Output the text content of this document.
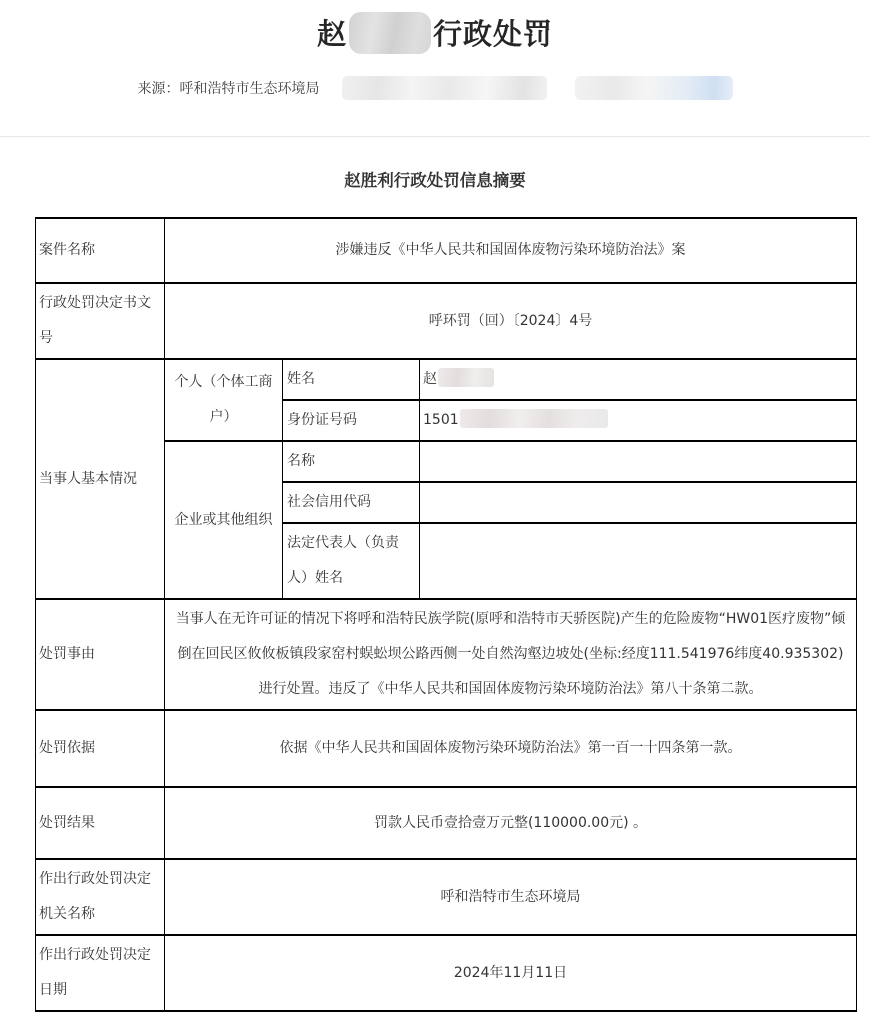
赵	行政处罚
来源：呼和浩特市生态环境局
赵胜利行政处罚信息摘要
案件名称	涉嫌违反《中华人民共和国固体废物污染环境防治法》案		
行政处罚决定书文号	呼环罚（回）〔2024〕4号		
当事人基本情况	个人（个体工商户）	姓名	赵
		身份证号码	1501
	企业或其他组织	名称	
		社会信用代码	
		法定代表人（负责人）姓名	
处罚事由	当事人在无许可证的情况下将呼和浩特民族学院(原呼和浩特市天骄医院)产生的危险废物“HW01医疗废物”倾倒在回民区攸攸板镇段家窑村蜈蚣坝公路西侧一处自然沟壑边坡处(坐标:经度111.541976纬度40.935302)进行处置。违反了《中华人民共和国固体废物污染环境防治法》第八十条第二款。		
处罚依据	依据《中华人民共和国固体废物污染环境防治法》第一百一十四条第一款。		
处罚结果	罚款人民币壹拾壹万元整(110000.00元) 。		
作出行政处罚决定机关名称	呼和浩特市生态环境局		
作出行政处罚决定日期	2024年11月11日		
